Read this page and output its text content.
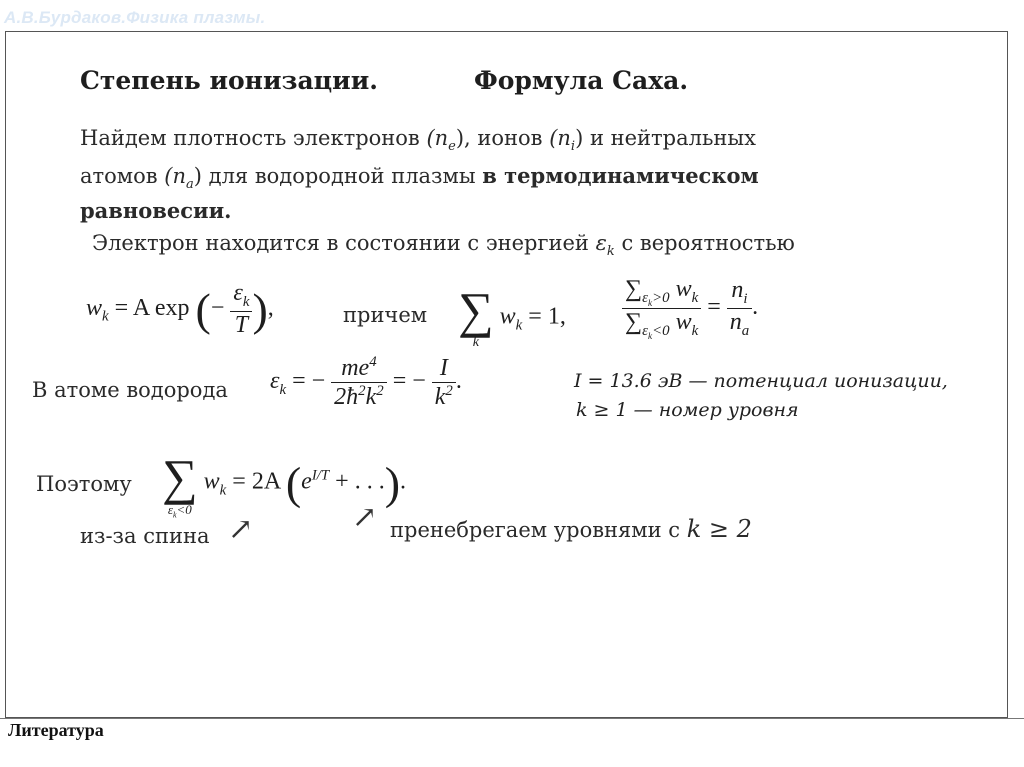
А.В.Бурдаков.Физика плазмы.
Степень ионизации.	Формула Саха.
Найдем плотность электронов $(n_e)$, ионов $(n_i)$ и нейтральных
атомов $(n_a)$ для водородной плазмы в термодинамическом
равновесии.
Электрон находится в состоянии с энергией $\varepsilon_k$ с вероятностью
$w_k = A$ exp (− $\frac{\varepsilon_k}{T}$ ),	причем ∑
k
$w_k = 1$, $\frac{\sum_{\varepsilon_k>0} w_k}{\sum_{\varepsilon_k<0} w_k} = \frac{n_i}{n_a}$ .
В атоме водорода $\varepsilon_k$ = − $\frac{me^4}{2ħ^2k^2}$ = − $\frac{I}{k^2}$ .	I = 13.6 эВ — потенциал ионизации,
k ≥ 1 — номер уровня
Поэтому ∑
$\varepsilon_k<0$
$w_k = 2A$ ($e^{I/T}$ + . . .).
из-за спина ↗	↗ пренебрегаем уровнями с k ≥ 2
Литература
